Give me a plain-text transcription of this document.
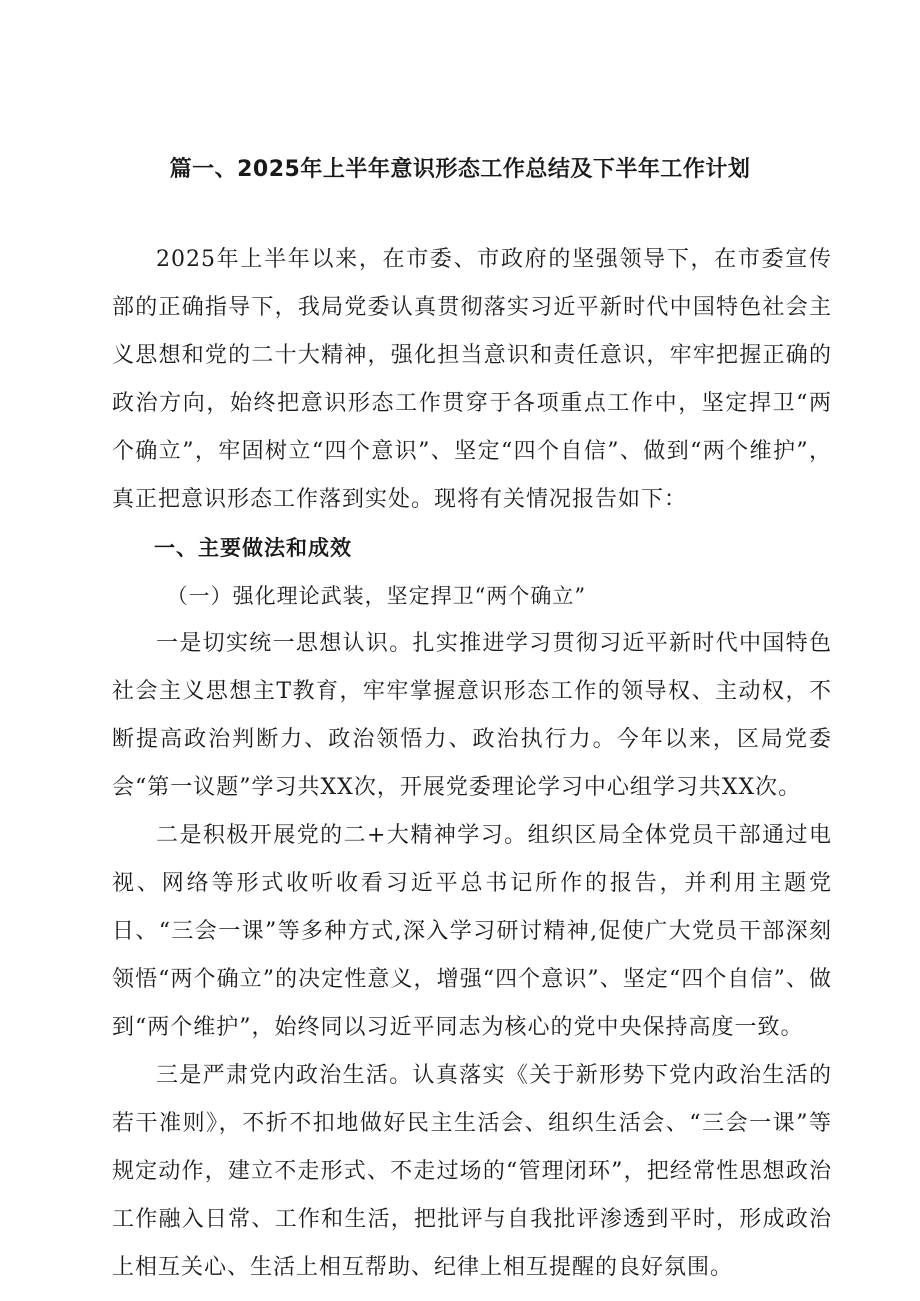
篇一、2025年上半年意识形态工作总结及下半年工作计划

2025年上半年以来，在市委、市政府的坚强领导下，在市委宣传部的正确指导下，我局党委认真贯彻落实习近平新时代中国特色社会主义思想和党的二十大精神，强化担当意识和责任意识，牢牢把握正确的政治方向，始终把意识形态工作贯穿于各项重点工作中，坚定捍卫“两个确立”，牢固树立“四个意识”、坚定“四个自信”、做到“两个维护”，真正把意识形态工作落到实处。现将有关情况报告如下：

一、主要做法和成效

（一）强化理论武装，坚定捍卫“两个确立”

一是切实统一思想认识。扎实推进学习贯彻习近平新时代中国特色社会主义思想主T教育，牢牢掌握意识形态工作的领导权、主动权，不断提高政治判断力、政治领悟力、政治执行力。今年以来，区局党委会“第一议题”学习共XX次，开展党委理论学习中心组学习共XX次。

二是积极开展党的二+大精神学习。组织区局全体党员干部通过电视、网络等形式收听收看习近平总书记所作的报告，并利用主题党日、“三会一课”等多种方式,深入学习研讨精神,促使广大党员干部深刻领悟“两个确立”的决定性意义，增强“四个意识”、坚定“四个自信”、做到“两个维护”，始终同以习近平同志为核心的党中央保持高度一致。

三是严肃党内政治生活。认真落实《关于新形势下党内政治生活的若干准则》，不折不扣地做好民主生活会、组织生活会、“三会一课”等规定动作，建立不走形式、不走过场的“管理闭环”，把经常性思想政治工作融入日常、工作和生活，把批评与自我批评渗透到平时，形成政治上相互关心、生活上相互帮助、纪律上相互提醒的良好氛围。
